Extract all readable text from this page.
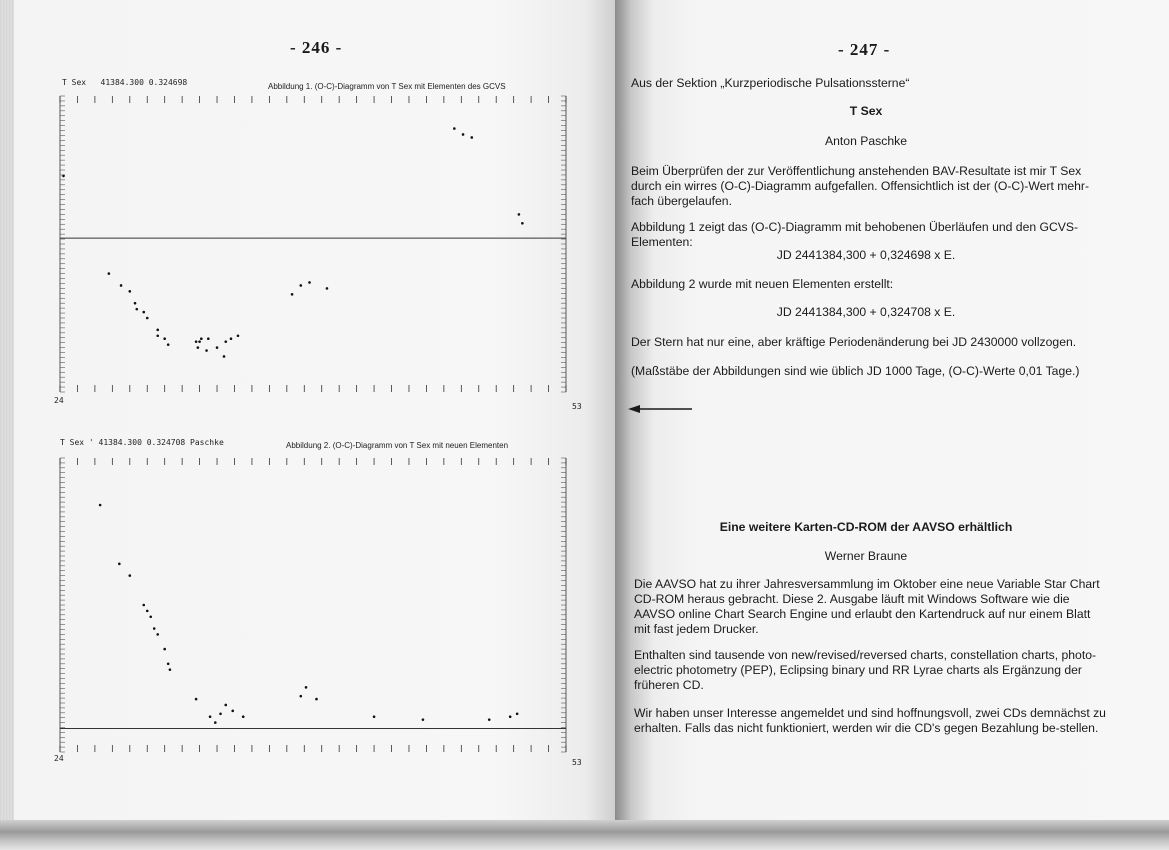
- 246 -
T Sex   41384.300 0.324698	Abbildung 1. (O-C)-Diagramm von T Sex mit Elementen des GCVS
24
53
T Sex ' 41384.300 0.324708 Paschke	Abbildung 2. (O-C)-Diagramm von T Sex mit neuen Elementen
24	53
- 247 -
Aus der Sektion „Kurzperiodische Pulsationssterne“
T Sex
Anton Paschke
Beim Überprüfen der zur Veröffentlichung anstehenden BAV-Resultate ist mir T Sex durch ein wirres (O-C)-Diagramm aufgefallen. Offensichtlich ist der (O-C)-Wert mehr-fach übergelaufen.
Abbildung 1 zeigt das (O-C)-Diagramm mit behobenen Überläufen und den GCVS-Elementen:
JD 2441384,300 + 0,324698 x E.
Abbildung 2 wurde mit neuen Elementen erstellt:
JD 2441384,300 + 0,324708 x E.
Der Stern hat nur eine, aber kräftige Periodenänderung bei JD 2430000 vollzogen.
(Maßstäbe der Abbildungen sind wie üblich JD 1000 Tage, (O-C)-Werte 0,01 Tage.)
Eine weitere Karten-CD-ROM der AAVSO erhältlich
Werner Braune
Die AAVSO hat zu ihrer Jahresversammlung im Oktober eine neue Variable Star Chart CD-ROM heraus gebracht. Diese 2. Ausgabe läuft mit Windows Software wie die AAVSO online Chart Search Engine und erlaubt den Kartendruck auf nur einem Blatt mit fast jedem Drucker.
Enthalten sind tausende von new/revised/reversed charts, constellation charts, photo-electric photometry (PEP), Eclipsing binary und RR Lyrae charts als Ergänzung der früheren CD.
Wir haben unser Interesse angemeldet und sind hoffnungsvoll, zwei CDs demnächst zu erhalten. Falls das nicht funktioniert, werden wir die CD's gegen Bezahlung be-stellen.
